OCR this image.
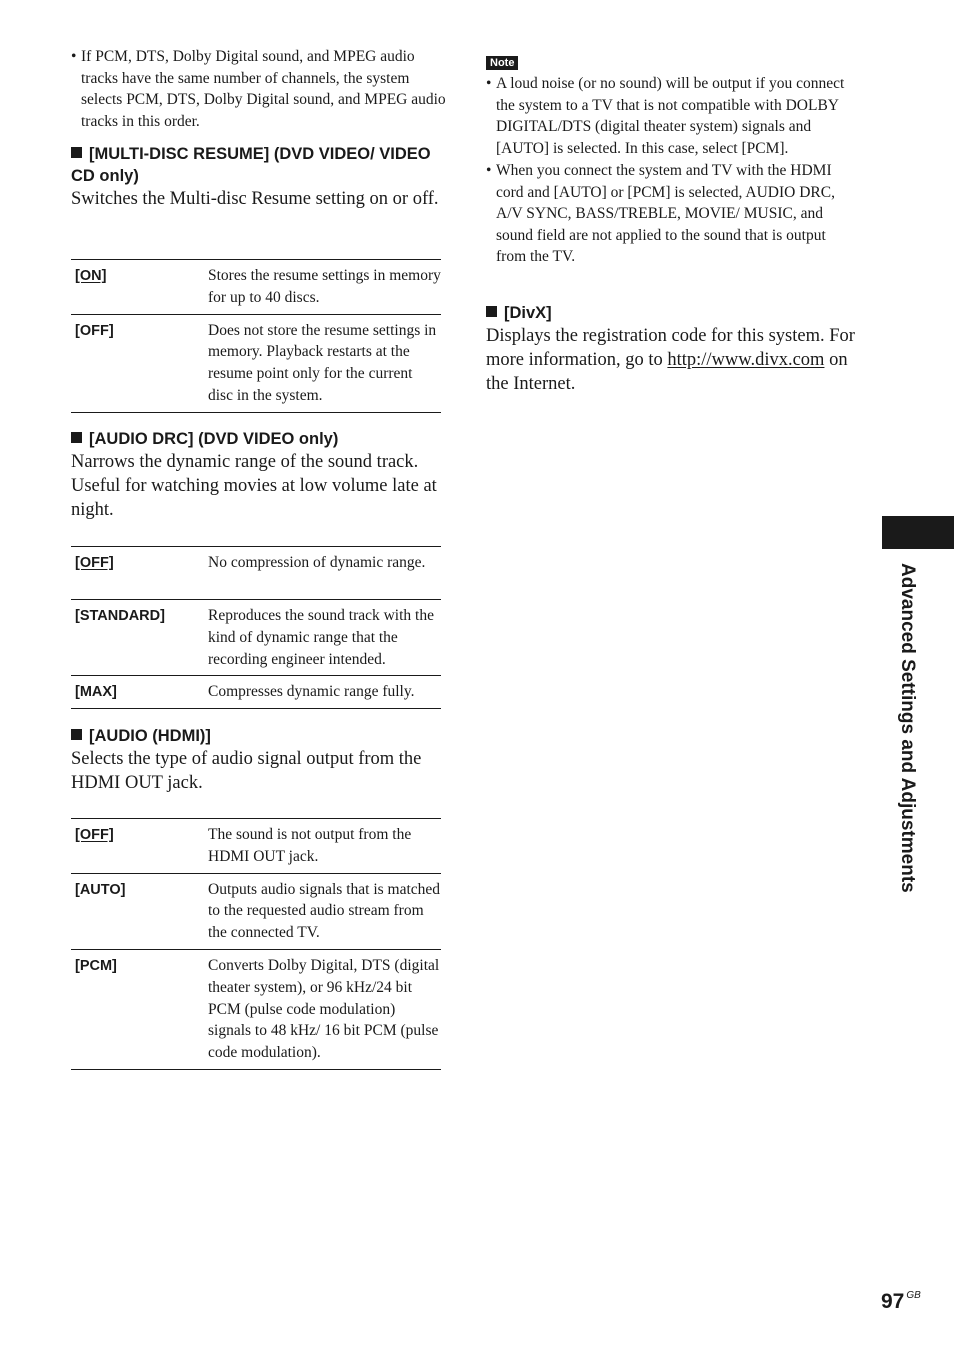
• If PCM, DTS, Dolby Digital sound, and MPEG audio tracks have the same number of channels, the system selects PCM, DTS, Dolby Digital sound, and MPEG audio tracks in this order.

[MULTI-DISC RESUME] (DVD VIDEO/ VIDEO CD only)

Switches the Multi-disc Resume setting on or off.

[ON]	Stores the resume settings in memory for up to 40 discs.
[OFF]	Does not store the resume settings in memory. Playback restarts at the resume point only for the current disc in the system.

[AUDIO DRC] (DVD VIDEO only)

Narrows the dynamic range of the sound track. Useful for watching movies at low volume late at night.

[OFF]	No compression of dynamic range.
[STANDARD]	Reproduces the sound track with the kind of dynamic range that the recording engineer intended.
[MAX]	Compresses dynamic range fully.

[AUDIO (HDMI)]

Selects the type of audio signal output from the HDMI OUT jack.

[OFF]	The sound is not output from the HDMI OUT jack.
[AUTO]	Outputs audio signals that is matched to the requested audio stream from the connected TV.
[PCM]	Converts Dolby Digital, DTS (digital theater system), or 96 kHz/24 bit PCM (pulse code modulation) signals to 48 kHz/ 16 bit PCM (pulse code modulation).
Note

• A loud noise (or no sound) will be output if you connect the system to a TV that is not compatible with DOLBY DIGITAL/DTS (digital theater system) signals and [AUTO] is selected. In this case, select [PCM].

• When you connect the system and TV with the HDMI cord and [AUTO] or [PCM] is selected, AUDIO DRC, A/V SYNC, BASS/TREBLE, MOVIE/ MUSIC, and sound field are not applied to the sound that is output from the TV.

[DivX]

Displays the registration code for this system. For more information, go to http://www.divx.com on the Internet.

Advanced Settings and Adjustments
97 $^{GB}$
